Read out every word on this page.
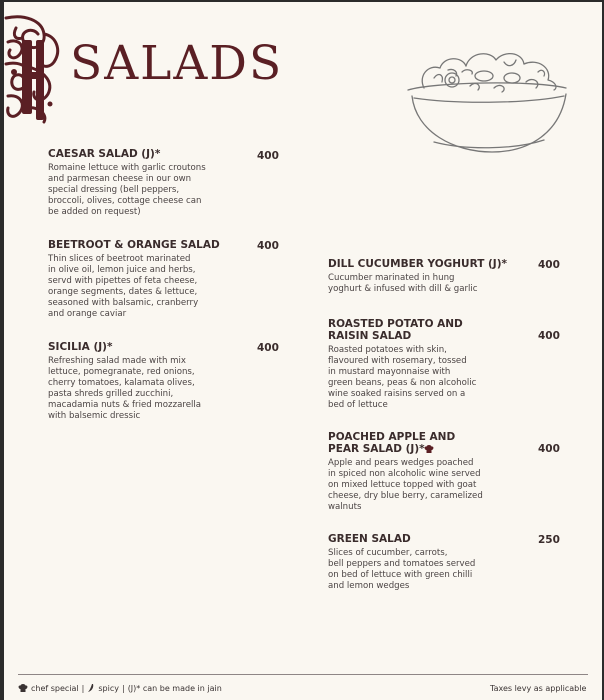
SALADS
CAESAR SALAD (J)*
Romaine lettuce with garlic croutons
and parmesan cheese in our own
special dressing (bell peppers,
broccoli, olives, cottage cheese can
be added on request)
400
BEETROOT & ORANGE SALAD
Thin slices of beetroot marinated
in olive oil, lemon juice and herbs,
servd with pipettes of feta cheese,
orange segments, dates & lettuce,
seasoned with balsamic, cranberry
and orange caviar
400
SICILIA (J)*
Refreshing salad made with mix
lettuce, pomegranate, red onions,
cherry tomatoes, kalamata olives,
pasta shreds grilled zucchini,
macadamia nuts & fried mozzarella
with balsemic dressic
400
DILL CUCUMBER YOGHURT (J)*
Cucumber marinated in hung
yoghurt & infused with dill & garlic
400
ROASTED POTATO AND
RAISIN SALAD
Roasted potatoes with skin,
flavoured with rosemary, tossed
in mustard mayonnaise with
green beans, peas & non alcoholic
wine soaked raisins served on a
bed of lettuce
400
POACHED APPLE AND
PEAR SALAD (J)*
Apple and pears wedges poached
in spiced non alcoholic wine served
on mixed lettuce topped with goat
cheese, dry blue berry, caramelized
walnuts
400
GREEN SALAD
Slices of cucumber, carrots,
bell peppers and tomatoes served
on bed of lettuce with green chilli
and lemon wedges
250
chef special | spicy | (J)* can be made in jain	Taxes levy as applicable
